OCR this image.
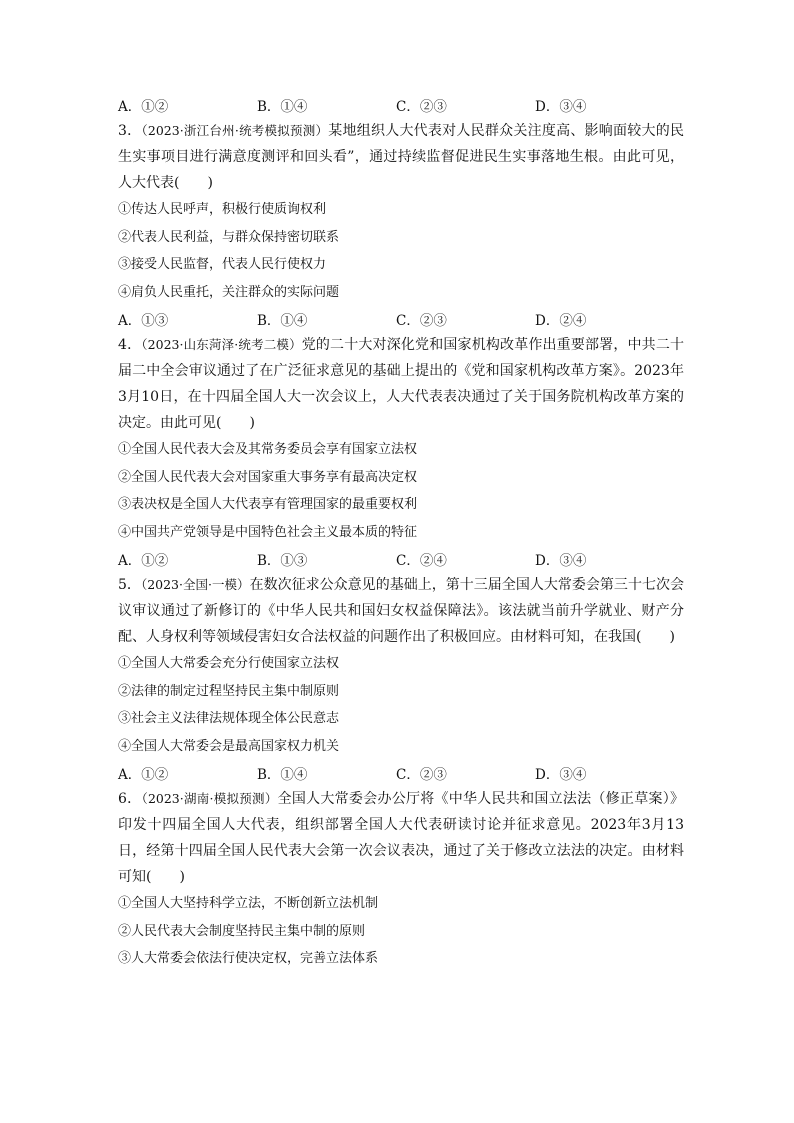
A．①②	B．①④	C．②③	D．③④

3．（2023·浙江台州·统考模拟预测）某地组织人大代表对人民群众关注度高、影响面较大的民生实事项目进行满意度测评和回头看”，通过持续监督促进民生实事落地生根。由此可见，人大代表(　　)

①传达人民呼声，积极行使质询权利

②代表人民利益，与群众保持密切联系

③接受人民监督，代表人民行使权力

④肩负人民重托，关注群众的实际问题

A．①③	B．①④	C．②③	D．②④

4．（2023·山东菏泽·统考二模）党的二十大对深化党和国家机构改革作出重要部署，中共二十届二中全会审议通过了在广泛征求意见的基础上提出的《党和国家机构改革方案》。2023年3月10日，在十四届全国人大一次会议上，人大代表表决通过了关于国务院机构改革方案的决定。由此可见(　　)

①全国人民代表大会及其常务委员会享有国家立法权

②全国人民代表大会对国家重大事务享有最高决定权

③表决权是全国人大代表享有管理国家的最重要权利

④中国共产党领导是中国特色社会主义最本质的特征

A．①②	B．①③	C．②④	D．③④

5．（2023·全国·一模）在数次征求公众意见的基础上，第十三届全国人大常委会第三十七次会议审议通过了新修订的《中华人民共和国妇女权益保障法》。该法就当前升学就业、财产分配、人身权利等领域侵害妇女合法权益的问题作出了积极回应。由材料可知，在我国(　　)

①全国人大常委会充分行使国家立法权

②法律的制定过程坚持民主集中制原则

③社会主义法律法规体现全体公民意志

④全国人大常委会是最高国家权力机关

A．①②	B．①④	C．②③	D．③④

6．（2023·湖南·模拟预测）全国人大常委会办公厅将《中华人民共和国立法法（修正草案）》印发十四届全国人大代表，组织部署全国人大代表研读讨论并征求意见。2023年3月13日，经第十四届全国人民代表大会第一次会议表决，通过了关于修改立法法的决定。由材料可知(　　)

①全国人大坚持科学立法，不断创新立法机制

②人民代表大会制度坚持民主集中制的原则

③人大常委会依法行使决定权，完善立法体系
